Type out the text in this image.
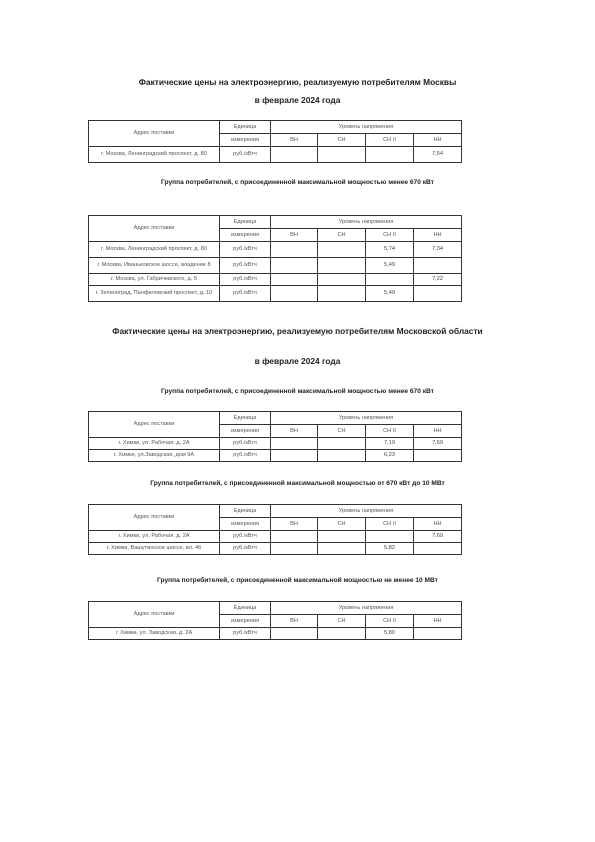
Фактические цены на электроэнергию, реализуемую потребителям Москвы
в феврале 2024 года
Адрес поставки	Единица	Уровень напряжения			
	измерения	ВН	СН	СН II	НН
г. Москва, Ленинградский проспект, д. 80	руб./кВтч				7,54
Группа потребителей, с присоединенной максимальной мощностью менее 670 кВт
Адрес поставки	Единица	Уровень напряжения			
	измерения	ВН	СН	СН II	НН
г. Москва, Ленинградский проспект, д. 80	руб./кВтч			5,74	7,34
г. Москва, Иваньковское шоссе, владение 8	руб./кВтч			5,49	
г. Москва, ул. Габричевского, д. 5	руб./кВтч				7,22
г. Зеленоград, Панфиловский проспект, д. 10	руб./кВтч			5,49	
Фактические цены на электроэнергию, реализуемую потребителям Московской области
в феврале 2024 года
Группа потребителей, с присоединенной максимальной мощностью менее 670 кВт
Адрес поставки	Единица	Уровень напряжения			
	измерения	ВН	СН	СН II	НН
г. Химки, ул. Рабочая, д. 2А	руб./кВтч			7,19	7,59
г. Химки, ул.Заводская, дом 9А	руб./кВтч			6,23	
Группа потребителей, с присоединенной максимальной мощностью от 670 кВт до 10 МВт
Адрес поставки	Единица	Уровень напряжения			
	измерения	ВН	СН	СН II	НН
г. Химки, ул. Рабочая, д. 2А	руб./кВтч				7,69
г. Химки, Вашутинское шоссе, вл. 46	руб./кВтч			5,82	
Группа потребителей, с присоединенной максимальной мощностью не менее 10 МВт
Адрес поставки	Единица	Уровень напряжения			
	измерения	ВН	СН	СН II	НН
г. Химки, ул. Заводская, д. 2А	руб./кВтч			5,80	
